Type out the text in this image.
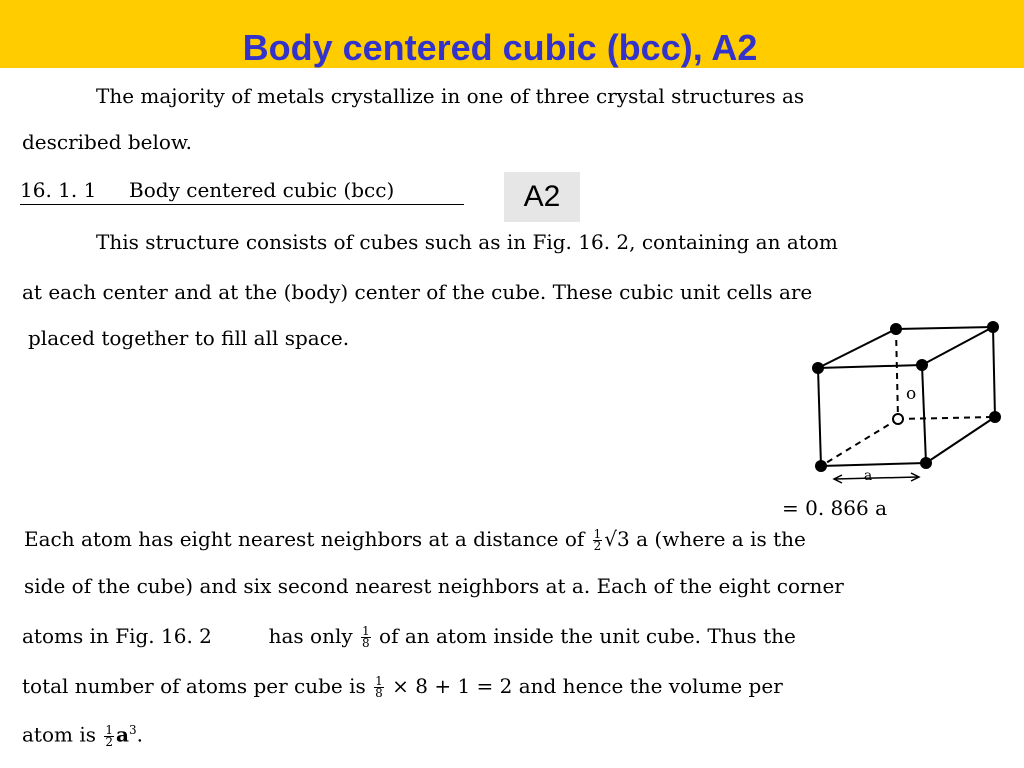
Body centered cubic (bcc), A2
The majority of metals crystallize in one of three crystal structures as
described below.
16. 1. 1 Body centered cubic (bcc)	A2
This structure consists of cubes such as in Fig. 16. 2, containing an atom
at each center and at the (body) center of the cube. These cubic unit cells are
placed together to fill all space.
o
a
= 0. 866 a
Each atom has eight nearest neighbors at a distance of $\frac{1}{2} √3$ a (where a is the
side of the cube) and six second nearest neighbors at a. Each of the eight corner
atoms in Fig. 16. 2	has only $\frac{1}{8}$ of an atom inside the unit cube. Thus the
total number of atoms per cube is $\frac{1}{8} \times 8 + 1 = 2$ and hence the volume per
atom is $\frac{1}{2} a^3$.
